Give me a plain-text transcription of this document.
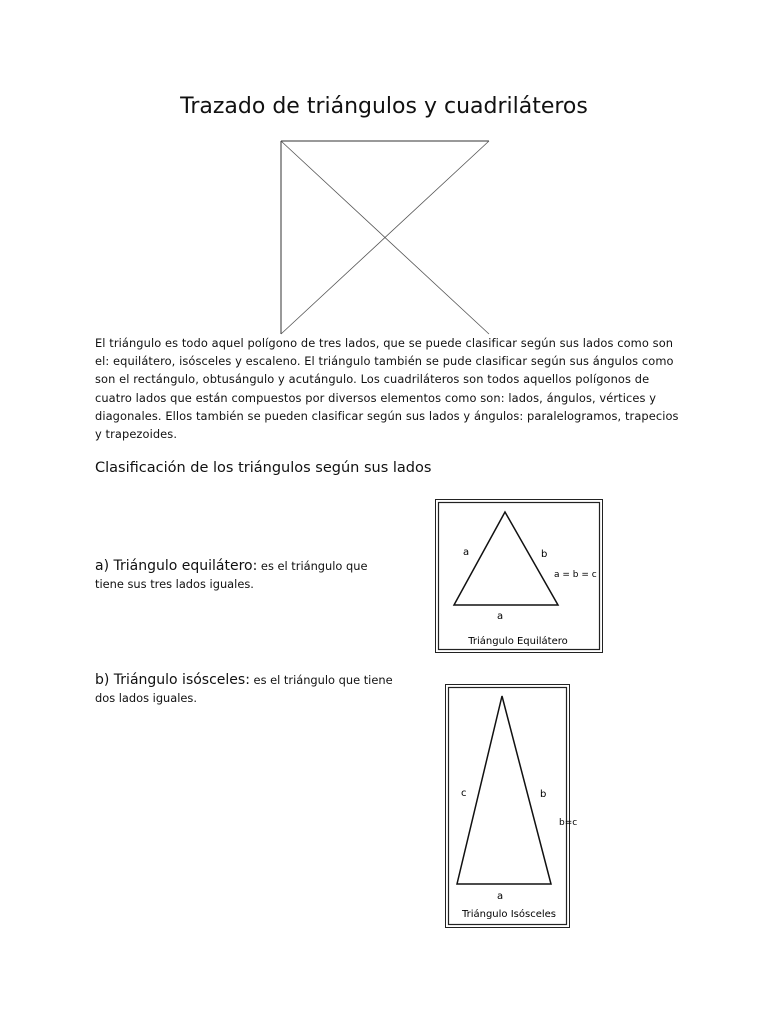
Trazado de triángulos y cuadriláteros
El triángulo es todo aquel polígono de tres lados, que se puede clasificar según sus lados como son el: equilátero, isósceles y escaleno. El triángulo también se pude clasificar según sus ángulos como son el rectángulo, obtusángulo y acutángulo. Los cuadriláteros son todos aquellos polígonos de cuatro lados que están compuestos por diversos elementos como son: lados, ángulos, vértices y diagonales. Ellos también se pueden clasificar según sus lados y ángulos: paralelogramos, trapecios y trapezoides.
Clasificación de los triángulos según sus lados
a) Triángulo equilátero: es el triángulo que tiene sus tres lados iguales.
a	b
a = b = c
a
Triángulo Equilátero
b) Triángulo isósceles: es el triángulo que tiene dos lados iguales.
c	b
b=c
a
Triángulo Isósceles
